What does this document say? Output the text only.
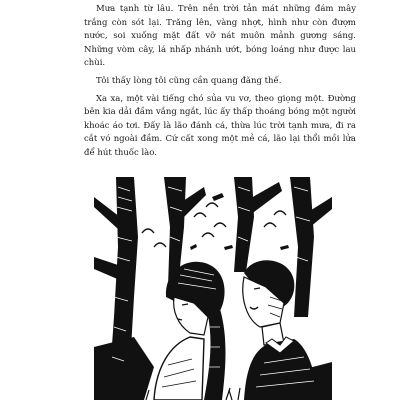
Mưa tạnh từ lâu. Trên nền trời tản mát những đám mây trắng còn sót lại. Trăng lên, vàng nhợt, hình như còn đượm nước, soi xuống mặt đất vỡ nát muôn mảnh gương sáng. Những vòm cây, lá nhấp nhánh ướt, bóng loáng như được lau chùi.

Tôi thấy lòng tôi cũng cần quang đãng thế.

Xa xa, một vài tiếng chó sủa vu vơ, theo giọng một. Đường bên kia dải đầm vắng ngắt, lúc ấy thấp thoáng bóng một người khoác áo tơi. Đấy là lão đánh cá, thừa lúc trời tạnh mưa, đi ra cắt vó ngoài đầm. Cứ cất xong một mẻ cá, lão lại thổi mồi lửa để hút thuốc lào.
